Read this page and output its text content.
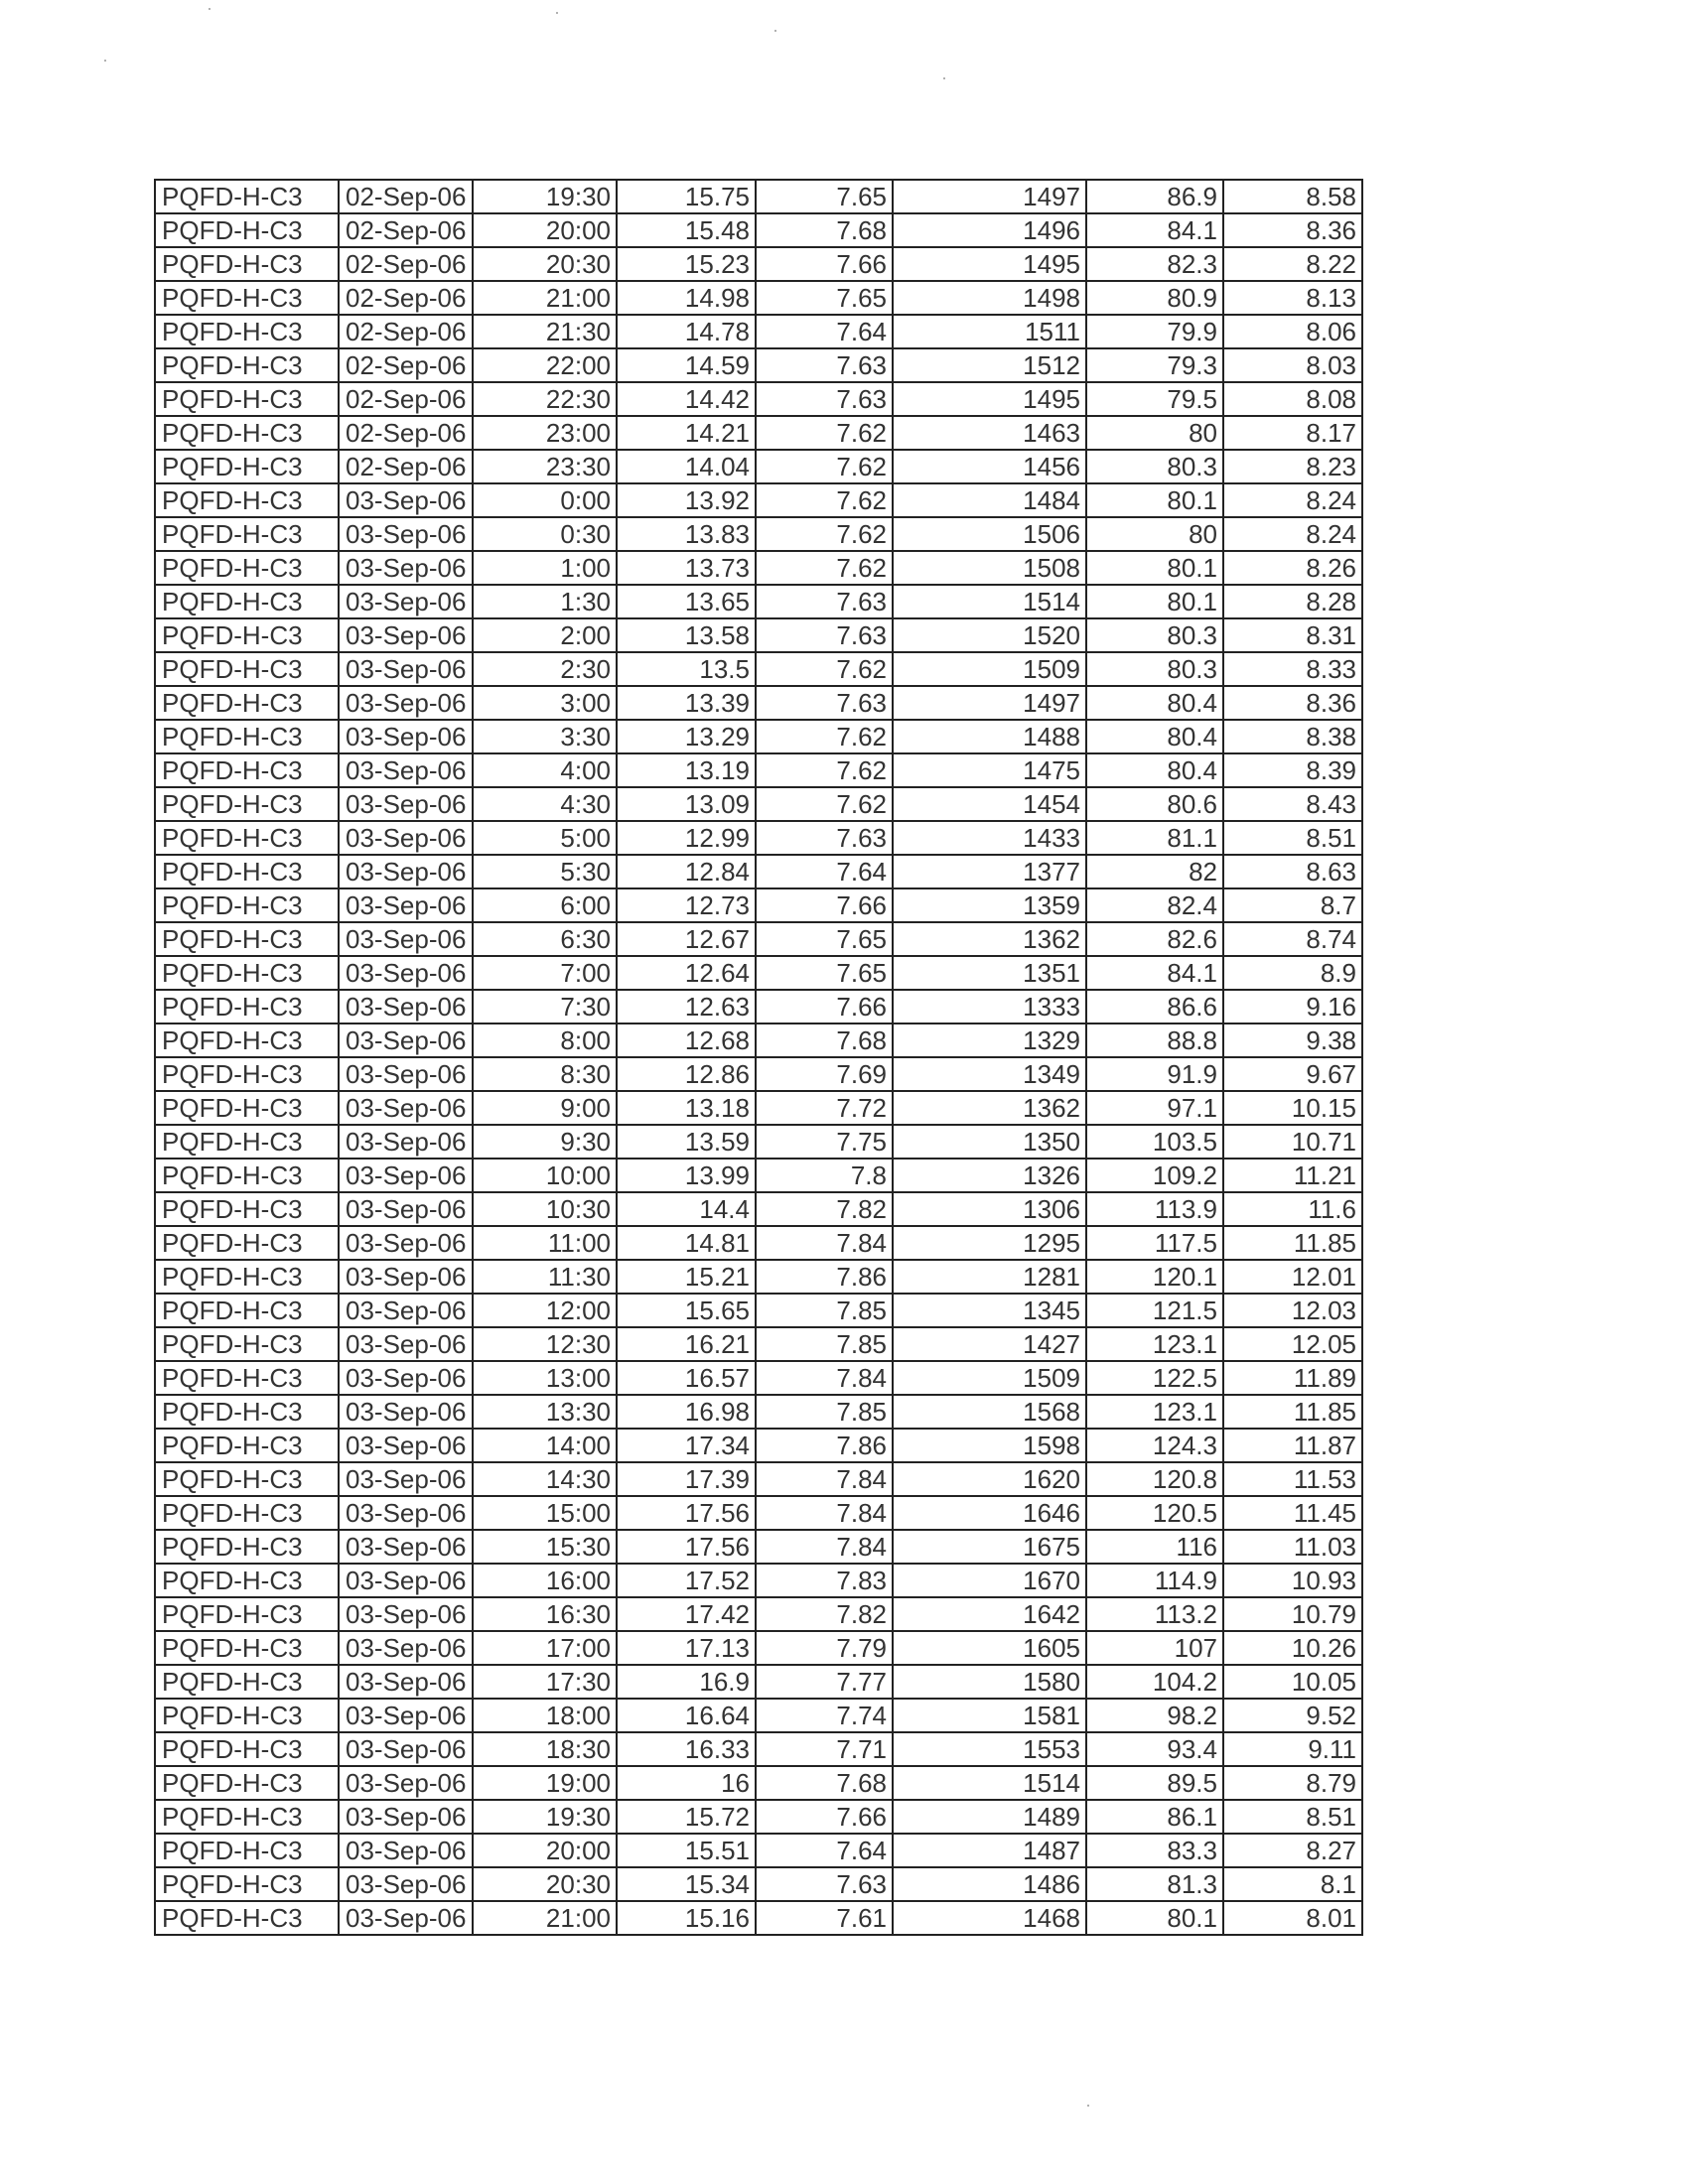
PQFD-H-C3	02-Sep-06	19:30	15.75	7.65	1497	86.9	8.58
PQFD-H-C3	02-Sep-06	20:00	15.48	7.68	1496	84.1	8.36
PQFD-H-C3	02-Sep-06	20:30	15.23	7.66	1495	82.3	8.22
PQFD-H-C3	02-Sep-06	21:00	14.98	7.65	1498	80.9	8.13
PQFD-H-C3	02-Sep-06	21:30	14.78	7.64	1511	79.9	8.06
PQFD-H-C3	02-Sep-06	22:00	14.59	7.63	1512	79.3	8.03
PQFD-H-C3	02-Sep-06	22:30	14.42	7.63	1495	79.5	8.08
PQFD-H-C3	02-Sep-06	23:00	14.21	7.62	1463	80	8.17
PQFD-H-C3	02-Sep-06	23:30	14.04	7.62	1456	80.3	8.23
PQFD-H-C3	03-Sep-06	0:00	13.92	7.62	1484	80.1	8.24
PQFD-H-C3	03-Sep-06	0:30	13.83	7.62	1506	80	8.24
PQFD-H-C3	03-Sep-06	1:00	13.73	7.62	1508	80.1	8.26
PQFD-H-C3	03-Sep-06	1:30	13.65	7.63	1514	80.1	8.28
PQFD-H-C3	03-Sep-06	2:00	13.58	7.63	1520	80.3	8.31
PQFD-H-C3	03-Sep-06	2:30	13.5	7.62	1509	80.3	8.33
PQFD-H-C3	03-Sep-06	3:00	13.39	7.63	1497	80.4	8.36
PQFD-H-C3	03-Sep-06	3:30	13.29	7.62	1488	80.4	8.38
PQFD-H-C3	03-Sep-06	4:00	13.19	7.62	1475	80.4	8.39
PQFD-H-C3	03-Sep-06	4:30	13.09	7.62	1454	80.6	8.43
PQFD-H-C3	03-Sep-06	5:00	12.99	7.63	1433	81.1	8.51
PQFD-H-C3	03-Sep-06	5:30	12.84	7.64	1377	82	8.63
PQFD-H-C3	03-Sep-06	6:00	12.73	7.66	1359	82.4	8.7
PQFD-H-C3	03-Sep-06	6:30	12.67	7.65	1362	82.6	8.74
PQFD-H-C3	03-Sep-06	7:00	12.64	7.65	1351	84.1	8.9
PQFD-H-C3	03-Sep-06	7:30	12.63	7.66	1333	86.6	9.16
PQFD-H-C3	03-Sep-06	8:00	12.68	7.68	1329	88.8	9.38
PQFD-H-C3	03-Sep-06	8:30	12.86	7.69	1349	91.9	9.67
PQFD-H-C3	03-Sep-06	9:00	13.18	7.72	1362	97.1	10.15
PQFD-H-C3	03-Sep-06	9:30	13.59	7.75	1350	103.5	10.71
PQFD-H-C3	03-Sep-06	10:00	13.99	7.8	1326	109.2	11.21
PQFD-H-C3	03-Sep-06	10:30	14.4	7.82	1306	113.9	11.6
PQFD-H-C3	03-Sep-06	11:00	14.81	7.84	1295	117.5	11.85
PQFD-H-C3	03-Sep-06	11:30	15.21	7.86	1281	120.1	12.01
PQFD-H-C3	03-Sep-06	12:00	15.65	7.85	1345	121.5	12.03
PQFD-H-C3	03-Sep-06	12:30	16.21	7.85	1427	123.1	12.05
PQFD-H-C3	03-Sep-06	13:00	16.57	7.84	1509	122.5	11.89
PQFD-H-C3	03-Sep-06	13:30	16.98	7.85	1568	123.1	11.85
PQFD-H-C3	03-Sep-06	14:00	17.34	7.86	1598	124.3	11.87
PQFD-H-C3	03-Sep-06	14:30	17.39	7.84	1620	120.8	11.53
PQFD-H-C3	03-Sep-06	15:00	17.56	7.84	1646	120.5	11.45
PQFD-H-C3	03-Sep-06	15:30	17.56	7.84	1675	116	11.03
PQFD-H-C3	03-Sep-06	16:00	17.52	7.83	1670	114.9	10.93
PQFD-H-C3	03-Sep-06	16:30	17.42	7.82	1642	113.2	10.79
PQFD-H-C3	03-Sep-06	17:00	17.13	7.79	1605	107	10.26
PQFD-H-C3	03-Sep-06	17:30	16.9	7.77	1580	104.2	10.05
PQFD-H-C3	03-Sep-06	18:00	16.64	7.74	1581	98.2	9.52
PQFD-H-C3	03-Sep-06	18:30	16.33	7.71	1553	93.4	9.11
PQFD-H-C3	03-Sep-06	19:00	16	7.68	1514	89.5	8.79
PQFD-H-C3	03-Sep-06	19:30	15.72	7.66	1489	86.1	8.51
PQFD-H-C3	03-Sep-06	20:00	15.51	7.64	1487	83.3	8.27
PQFD-H-C3	03-Sep-06	20:30	15.34	7.63	1486	81.3	8.1
PQFD-H-C3	03-Sep-06	21:00	15.16	7.61	1468	80.1	8.01
